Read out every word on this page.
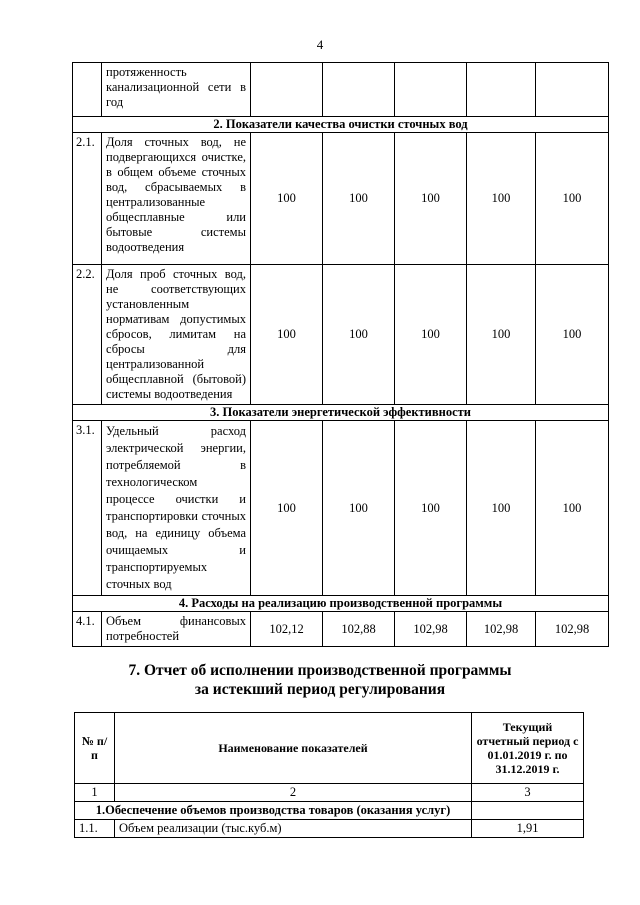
4
	протяженность канализационной сети в год					
2. Показатели качества очистки сточных вод						
2.1.	Доля сточных вод, не подвергающихся очистке, в общем объеме сточных вод, сбрасываемых в централизованные общесплавные или бытовые системы водоотведения	100	100	100	100	100
2.2.	Доля проб сточных вод, не соответствующих установленным нормативам допустимых сбросов, лимитам на сбросы для централизованной общесплавной (бытовой) системы водоотведения	100	100	100	100	100
3. Показатели энергетической эффективности						
3.1.	Удельный расход электрической энергии, потребляемой в технологическом процессе очистки и транспортировки сточных вод, на единицу объема очищаемых и транспортируемых сточных вод	100	100	100	100	100
4. Расходы на реализацию производственной программы						
4.1.	Объем финансовых потребностей	102,12	102,88	102,98	102,98	102,98
7. Отчет об исполнении производственной программы
за истекший период регулирования
№ п/п	Наименование показателей	Текущий отчетный период с 01.01.2019 г. по 31.12.2019 г.
1	2	3
1.Обеспечение объемов производства товаров (оказания услуг)		
1.1.	Объем реализации (тыс.куб.м)	1,91
